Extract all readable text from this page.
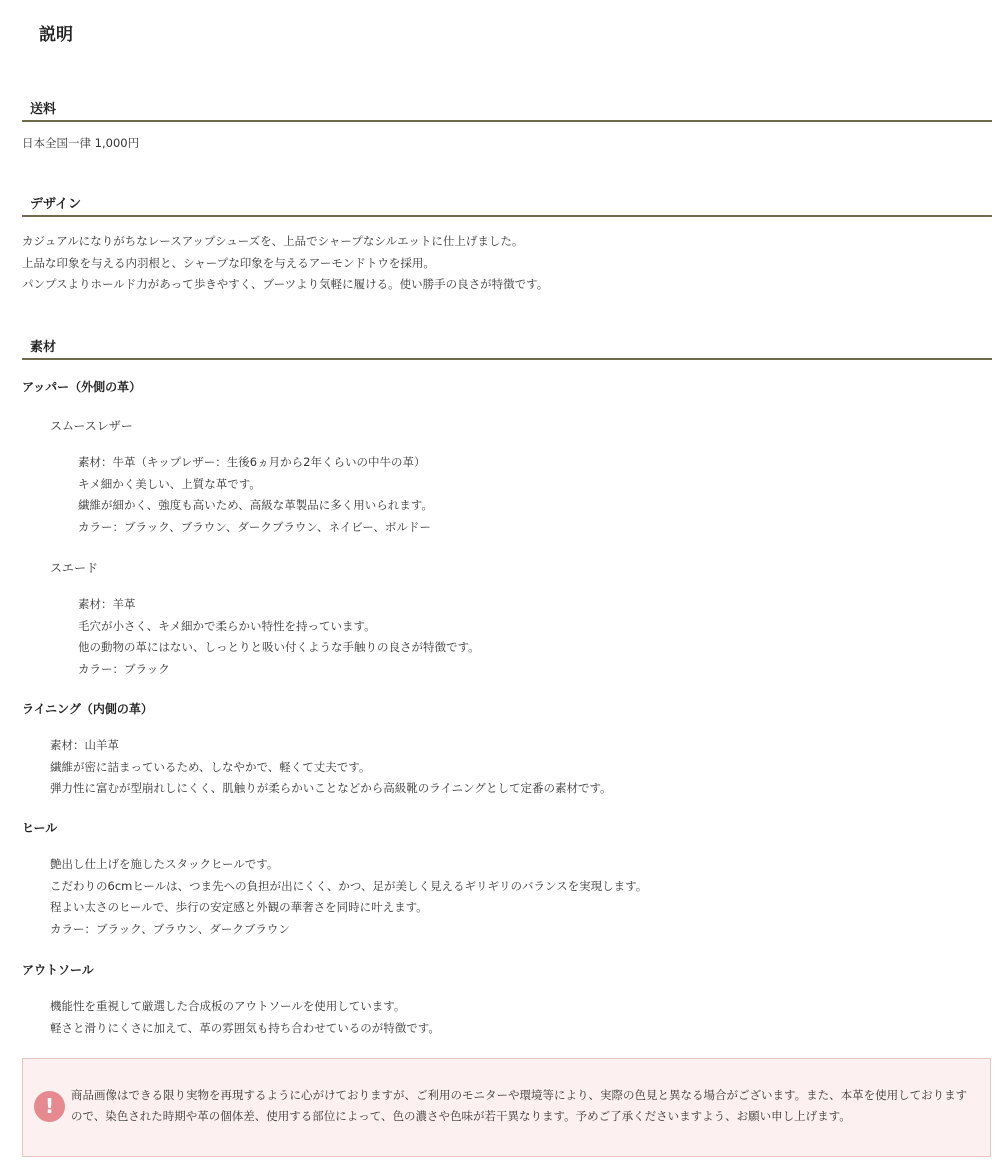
説明
送料

日本全国一律 1,000円

デザイン
カジュアルになりがちなレースアップシューズを、上品でシャープなシルエットに仕上げました。
上品な印象を与える内羽根と、シャープな印象を与えるアーモンドトウを採用。
パンプスよりホールド力があって歩きやすく、ブーツより気軽に履ける。使い勝手の良さが特徴です。
素材

アッパー（外側の革）

スムースレザー

素材：牛革（キップレザー：生後6ヵ月から2年くらいの中牛の革）
キメ細かく美しい、上質な革です。
繊維が細かく、強度も高いため、高級な革製品に多く用いられます。
カラー：ブラック、ブラウン、ダークブラウン、ネイビー、ボルドー

スエード

素材：羊革
毛穴が小さく、キメ細かで柔らかい特性を持っています。
他の動物の革にはない、しっとりと吸い付くような手触りの良さが特徴です。
カラー：ブラック

ライニング（内側の革）

素材：山羊革
繊維が密に詰まっているため、しなやかで、軽くて丈夫です。
弾力性に富むが型崩れしにくく、肌触りが柔らかいことなどから高級靴のライニングとして定番の素材です。

ヒール

艶出し仕上げを施したスタックヒールです。
こだわりの6cmヒールは、つま先への負担が出にくく、かつ、足が美しく見えるギリギリのバランスを実現します。
程よい太さのヒールで、歩行の安定感と外観の華奢さを同時に叶えます。
カラー：ブラック、ブラウン、ダークブラウン

アウトソール

機能性を重視して厳選した合成板のアウトソールを使用しています。
軽さと滑りにくさに加えて、革の雰囲気も持ち合わせているのが特徴です。
!	商品画像はできる限り実物を再現するように心がけておりますが、ご利用のモニターや環境等により、実際の色見と異なる場合がございます。また、本革を使用しておりますので、染色された時期や革の個体差、使用する部位によって、色の濃さや色味が若干異なります。予めご了承くださいますよう、お願い申し上げます。
